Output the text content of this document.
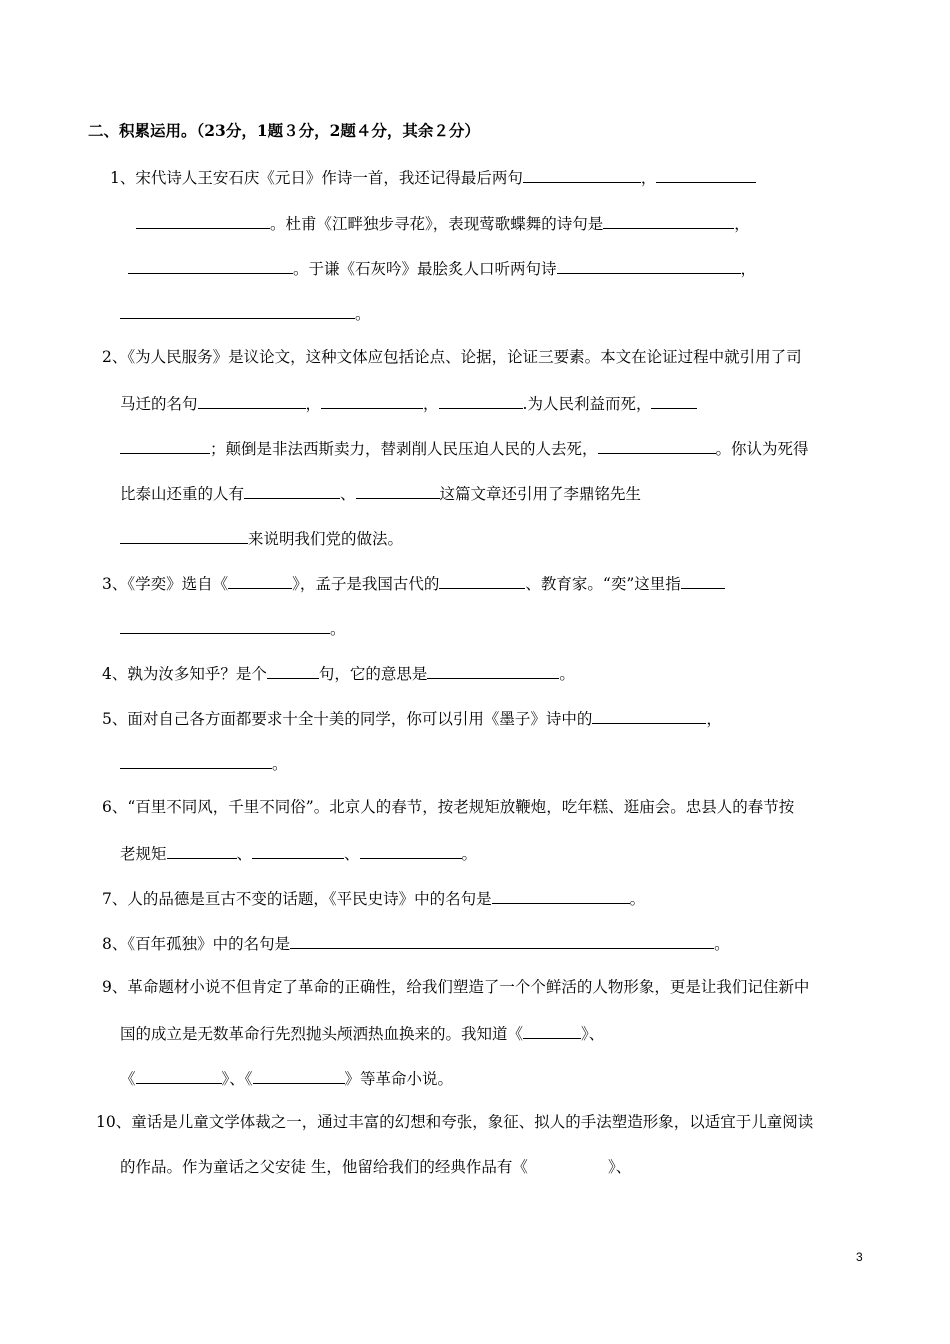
二、积累运用。（23分，1题３分，2题４分，其余２分）
1、宋代诗人王安石庆《元日》作诗一首，我还记得最后两句	，
。杜甫《江畔独步寻花》，表现莺歌蝶舞的诗句是	，
。于谦《石灰吟》最脍炙人口听两句诗	，
。
2、《为人民服务》是议论文，这种文体应包括论点、论据，论证三要素。本文在论证过程中就引用了司
马迁的名句	，	，	.为人民利益而死，
；颠倒是非法西斯卖力，替剥削人民压迫人民的人去死，	。你认为死得
比泰山还重的人有	、	这篇文章还引用了李鼎铭先生
来说明我们党的做法。
3、《学奕》选自《	》，孟子是我国古代的	、教育家。“奕”这里指
。
4、孰为汝多知乎？是个	句，它的意思是	。
5、面对自己各方面都要求十全十美的同学，你可以引用《墨子》诗中的	，
。
6、“百里不同风，千里不同俗”。北京人的春节，按老规矩放鞭炮，吃年糕、逛庙会。忠县人的春节按
老规矩	、	、	。
7、人的品德是亘古不变的话题，《平民史诗》中的名句是	。
8、《百年孤独》中的名句是	。
9、革命题材小说不但肯定了革命的正确性，给我们塑造了一个个鲜活的人物形象，更是让我们记住新中
国的成立是无数革命行先烈抛头颅洒热血换来的。我知道《	》、
《	》、《	》等革命小说。
10、童话是儿童文学体裁之一，通过丰富的幻想和夸张，象征、拟人的手法塑造形象，以适宜于儿童阅读
的作品。作为童话之父安徒 生，他留给我们的经典作品有《	》、
3
